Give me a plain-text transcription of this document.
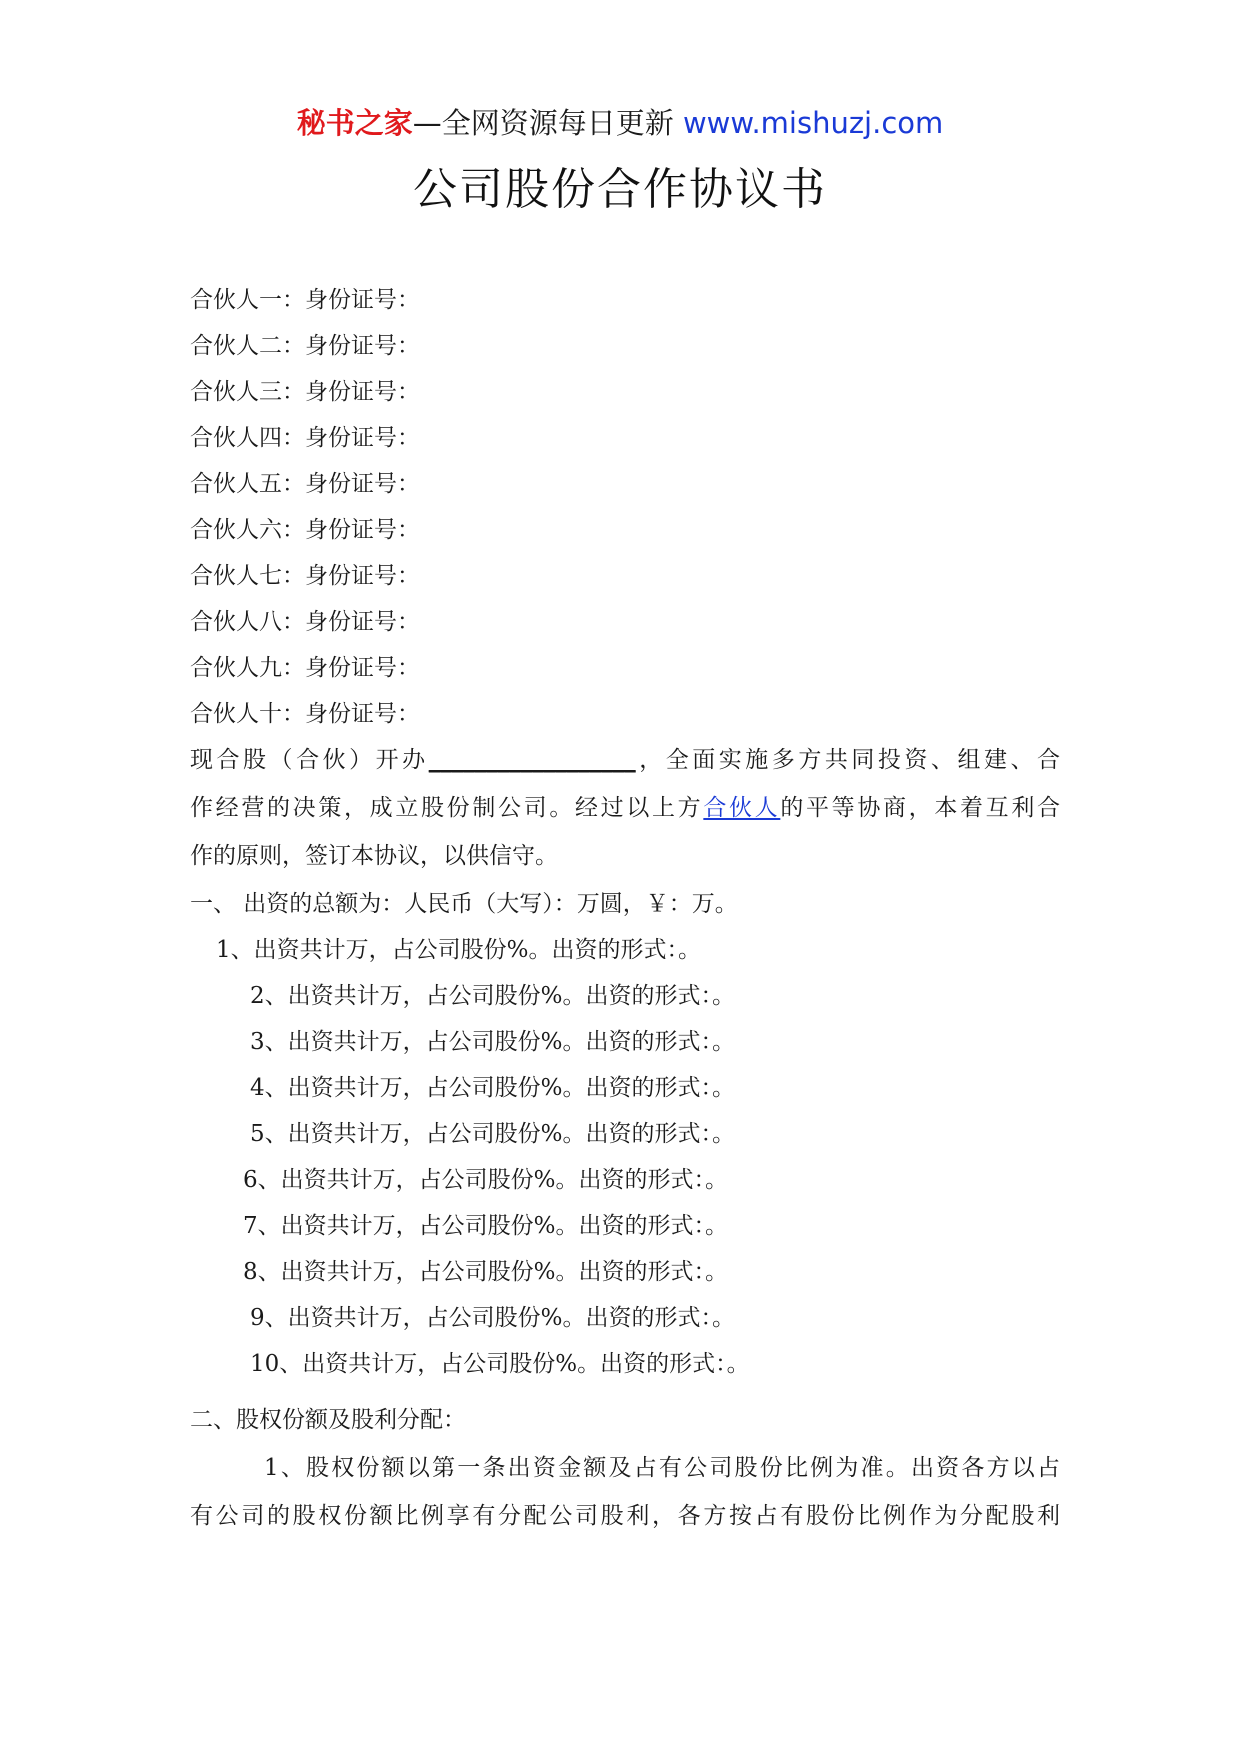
秘书之家—全网资源每日更新 www.mishuzj.com
公司股份合作协议书
合伙人一：身份证号：
合伙人二：身份证号：
合伙人三：身份证号：
合伙人四：身份证号：
合伙人五：身份证号：
合伙人六：身份证号：
合伙人七：身份证号：
合伙人八：身份证号：
合伙人九：身份证号：
合伙人十：身份证号：
现合股（合伙）开办__________________，全面实施多方共同投资、组建、合
作经营的决策，成立股份制公司。经过以上方合伙人的平等协商，本着互利合
作的原则，签订本协议，以供信守。
一、 出资的总额为：人民币（大写）：万圆，￥：万。
1、出资共计万，占公司股份%。出资的形式：。
2、出资共计万，占公司股份%。出资的形式：。
3、出资共计万，占公司股份%。出资的形式：。
4、出资共计万，占公司股份%。出资的形式：。
5、出资共计万，占公司股份%。出资的形式：。
6、出资共计万，占公司股份%。出资的形式：。
7、出资共计万，占公司股份%。出资的形式：。
8、出资共计万，占公司股份%。出资的形式：。
9、出资共计万，占公司股份%。出资的形式：。
10、出资共计万，占公司股份%。出资的形式：。
二、股权份额及股利分配：
1、股权份额以第一条出资金额及占有公司股份比例为准。出资各方以占
有公司的股权份额比例享有分配公司股利，各方按占有股份比例作为分配股利
